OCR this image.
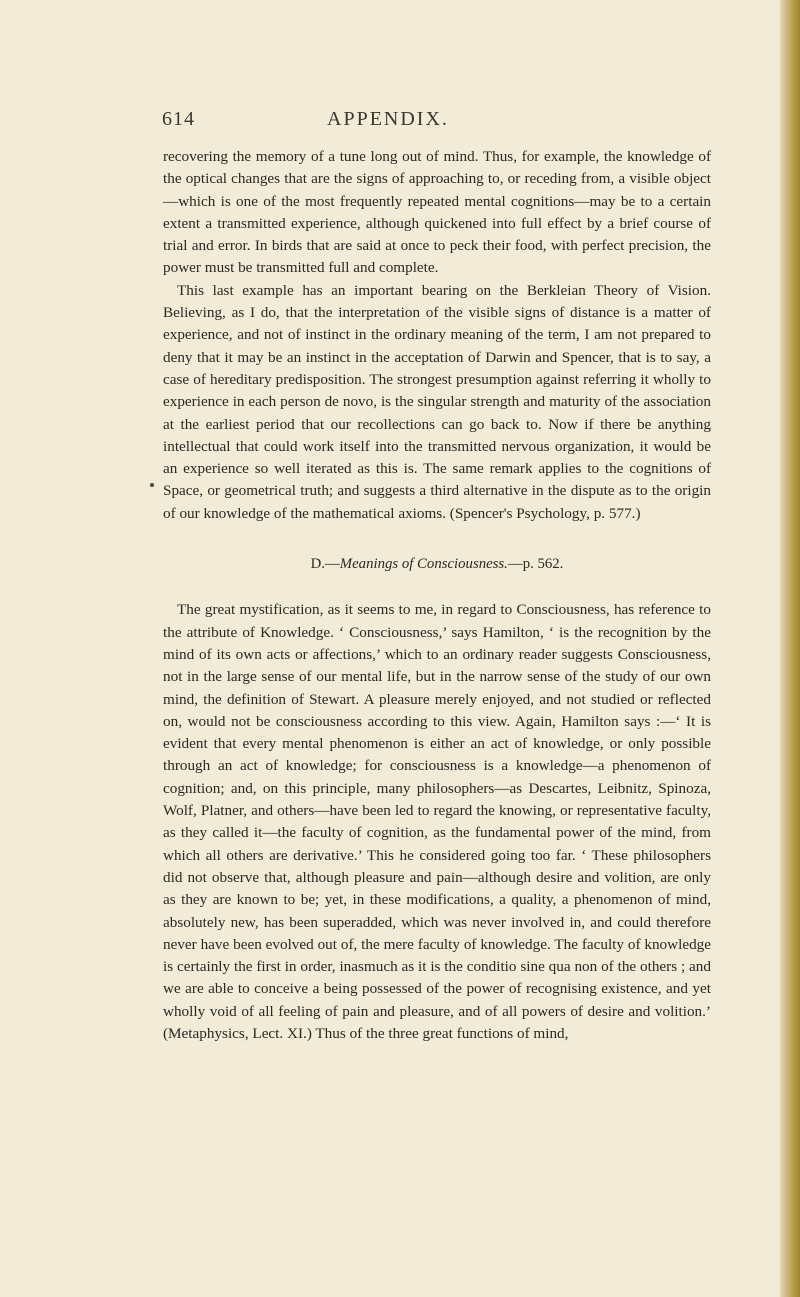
614	APPENDIX.

recovering the memory of a tune long out of mind. Thus, for example, the knowledge of the optical changes that are the signs of approaching to, or receding from, a visible object—which is one of the most frequently repeated mental cognitions—may be to a certain extent a transmitted experience, although quickened into full effect by a brief course of trial and error. In birds that are said at once to peck their food, with perfect precision, the power must be transmitted full and complete.

This last example has an important bearing on the Berkleian Theory of Vision. Believing, as I do, that the interpretation of the visible signs of distance is a matter of experience, and not of instinct in the ordinary meaning of the term, I am not prepared to deny that it may be an instinct in the acceptation of Darwin and Spencer, that is to say, a case of hereditary predisposition. The strongest presumption against referring it wholly to experience in each person de novo, is the singular strength and maturity of the association at the earliest period that our recollections can go back to. Now if there be anything intellectual that could work itself into the transmitted nervous organization, it would be an experience so well iterated as this is. The same remark applies to the cognitions of Space, or geometrical truth; and suggests a third alternative in the dispute as to the origin of our knowledge of the mathematical axioms. (Spencer's Psychology, p. 577.)

D.—Meanings of Consciousness.—p. 562.

The great mystification, as it seems to me, in regard to Consciousness, has reference to the attribute of Knowledge. ‘ Consciousness,’ says Hamilton, ‘ is the recognition by the mind of its own acts or affections,’ which to an ordinary reader suggests Consciousness, not in the large sense of our mental life, but in the narrow sense of the study of our own mind, the definition of Stewart. A pleasure merely enjoyed, and not studied or reflected on, would not be consciousness according to this view. Again, Hamilton says :—‘ It is evident that every mental phenomenon is either an act of knowledge, or only possible through an act of knowledge; for consciousness is a knowledge—a phenomenon of cognition; and, on this principle, many philosophers—as Descartes, Leibnitz, Spinoza, Wolf, Platner, and others—have been led to regard the knowing, or representative faculty, as they called it—the faculty of cognition, as the fundamental power of the mind, from which all others are derivative.’ This he considered going too far. ‘ These philosophers did not observe that, although pleasure and pain—although desire and volition, are only as they are known to be; yet, in these modifications, a quality, a phenomenon of mind, absolutely new, has been superadded, which was never involved in, and could therefore never have been evolved out of, the mere faculty of knowledge. The faculty of knowledge is certainly the first in order, inasmuch as it is the conditio sine qua non of the others ; and we are able to conceive a being possessed of the power of recognising existence, and yet wholly void of all feeling of pain and pleasure, and of all powers of desire and volition.’ (Metaphysics, Lect. XI.) Thus of the three great functions of mind,
